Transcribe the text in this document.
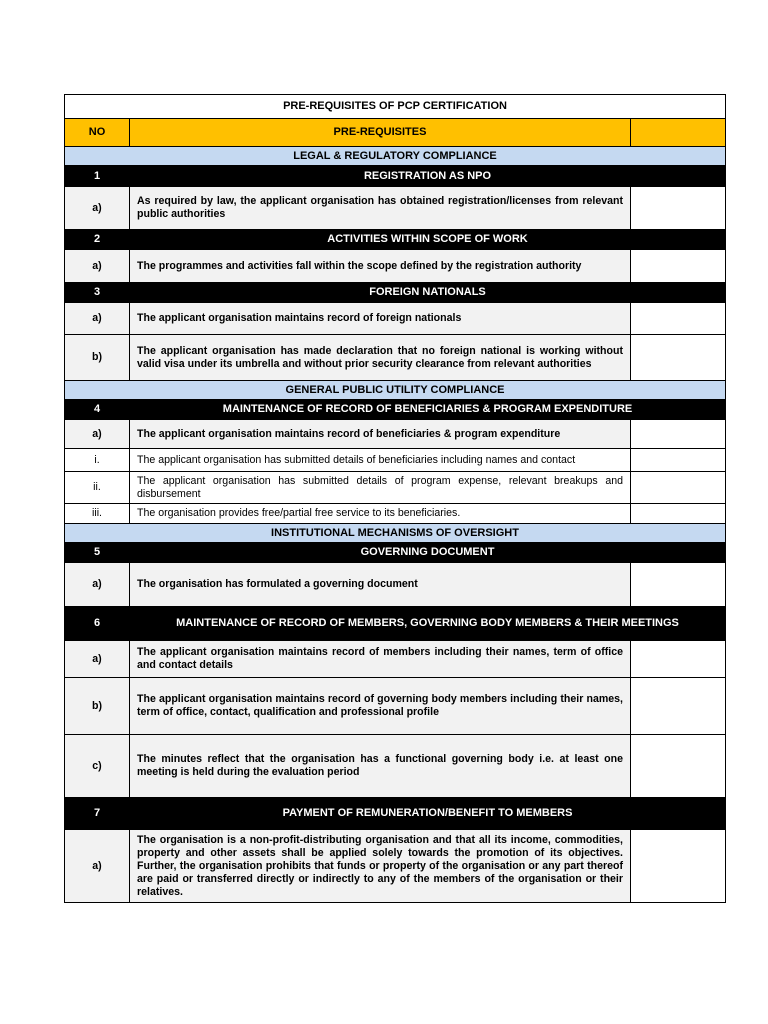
PRE-REQUISITES OF PCP CERTIFICATION		
NO	PRE-REQUISITES	
LEGAL & REGULATORY COMPLIANCE		
1	REGISTRATION AS NPO	
a)	As required by law, the applicant organisation has obtained registration/licenses from relevant public authorities	
2	ACTIVITIES WITHIN SCOPE OF WORK	
a)	The programmes and activities fall within the scope defined by the registration authority	
3	FOREIGN NATIONALS	
a)	The applicant organisation maintains record of foreign nationals	
b)	The applicant organisation has made declaration that no foreign national is working without valid visa under its umbrella and without prior security clearance from relevant authorities	
GENERAL PUBLIC UTILITY COMPLIANCE		
4	MAINTENANCE OF RECORD OF BENEFICIARIES & PROGRAM EXPENDITURE	
a)	The applicant organisation maintains record of beneficiaries & program expenditure	
i.	The applicant organisation has submitted details of beneficiaries including names and contact	
ii.	The applicant organisation has submitted details of program expense, relevant breakups and disbursement	
iii.	The organisation provides free/partial free service to its beneficiaries.	
INSTITUTIONAL MECHANISMS OF OVERSIGHT		
5	GOVERNING DOCUMENT	
a)	The organisation has formulated a governing document	
6	MAINTENANCE OF RECORD OF MEMBERS, GOVERNING BODY MEMBERS & THEIR MEETINGS	
a)	The applicant organisation maintains record of members including their names, term of office and contact details	
b)	The applicant organisation maintains record of governing body members including their names, term of office, contact, qualification and professional profile	
c)	The minutes reflect that the organisation has a functional governing body i.e. at least one meeting is held during the evaluation period	
7	PAYMENT OF REMUNERATION/BENEFIT TO MEMBERS	
a)	The organisation is a non-profit-distributing organisation and that all its income, commodities, property and other assets shall be applied solely towards the promotion of its objectives. Further, the organisation prohibits that funds or property of the organisation or any part thereof are paid or transferred directly or indirectly to any of the members of the organisation or their relatives.	
